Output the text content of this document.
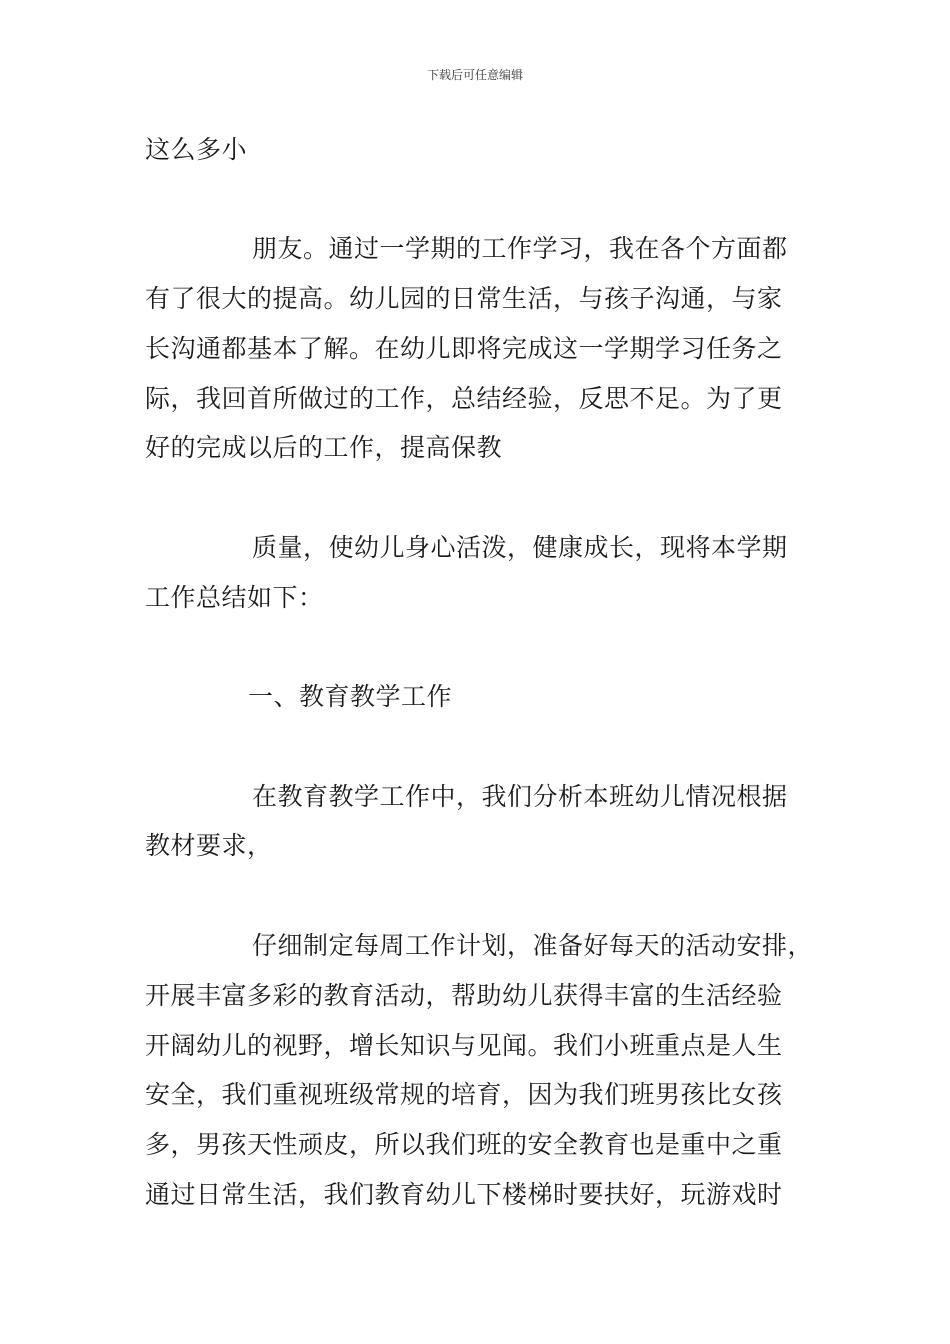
下载后可任意编辑
这么多小
朋友。通过一学期的工作学习，我在各个方面都
有了很大的提高。幼儿园的日常生活，与孩子沟通，与家
长沟通都基本了解。在幼儿即将完成这一学期学习任务之
际，我回首所做过的工作，总结经验，反思不足。为了更
好的完成以后的工作，提高保教
质量，使幼儿身心活泼，健康成长，现将本学期
工作总结如下：
一、教育教学工作
在教育教学工作中，我们分析本班幼儿情况根据
教材要求，
仔细制定每周工作计划，准备好每天的活动安排，
开展丰富多彩的教育活动，帮助幼儿获得丰富的生活经验
开阔幼儿的视野，增长知识与见闻。我们小班重点是人生
安全，我们重视班级常规的培育，因为我们班男孩比女孩
多，男孩天性顽皮，所以我们班的安全教育也是重中之重
通过日常生活，我们教育幼儿下楼梯时要扶好，玩游戏时
